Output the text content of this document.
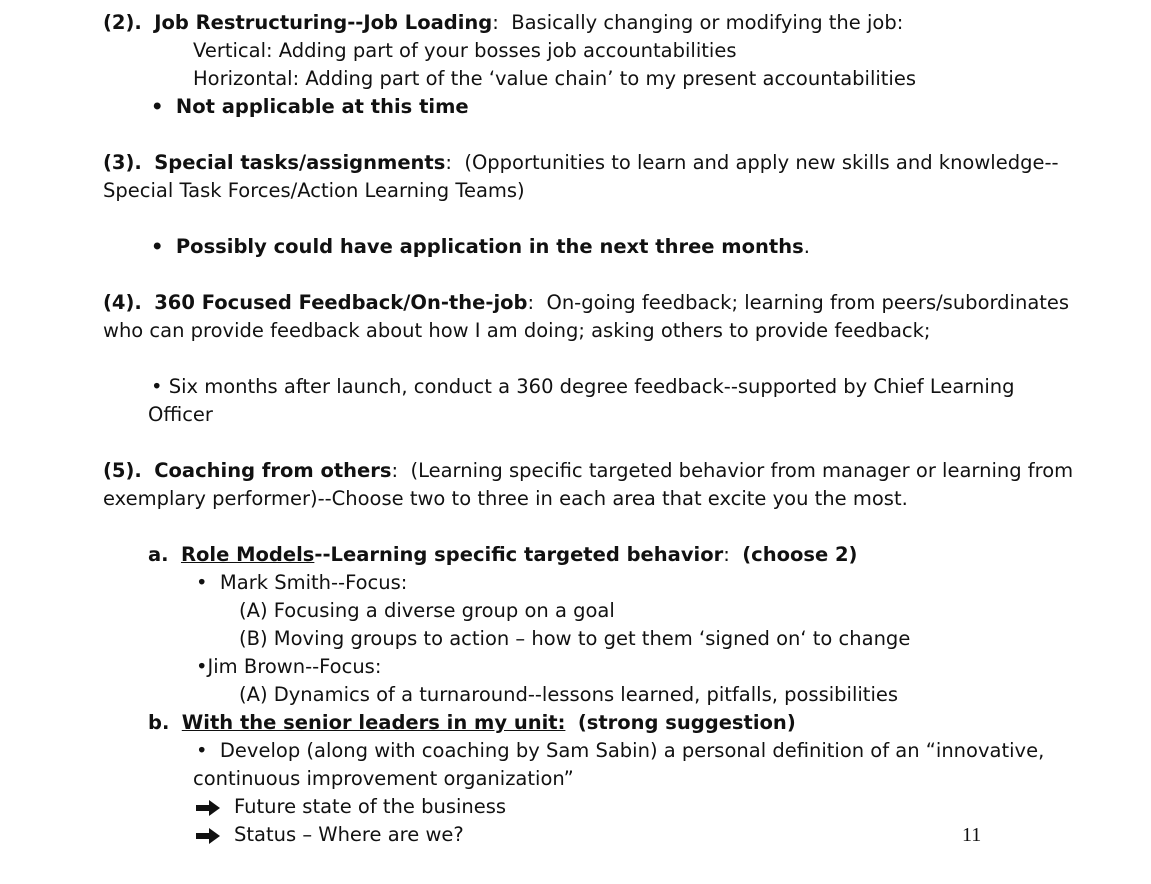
(2). Job Restructuring--Job Loading: Basically changing or modifying the job:
Vertical: Adding part of your bosses job accountabilities
Horizontal: Adding part of the ‘value chain’ to my present accountabilities
• Not applicable at this time
(3). Special tasks/assignments: (Opportunities to learn and apply new skills and knowledge--
Special Task Forces/Action Learning Teams)
• Possibly could have application in the next three months.
(4). 360 Focused Feedback/On-the-job: On-going feedback; learning from peers/subordinates
who can provide feedback about how I am doing; asking others to provide feedback;
• Six months after launch, conduct a 360 degree feedback--supported by Chief Learning
Officer
(5). Coaching from others: (Learning specific targeted behavior from manager or learning from
exemplary performer)--Choose two to three in each area that excite you the most.
a. Role Models--Learning specific targeted behavior: (choose 2)
• Mark Smith--Focus:
(A) Focusing a diverse group on a goal
(B) Moving groups to action – how to get them ‘signed on‘ to change
•Jim Brown--Focus:
(A) Dynamics of a turnaround--lessons learned, pitfalls, possibilities
b. With the senior leaders in my unit: (strong suggestion)
• Develop (along with coaching by Sam Sabin) a personal definition of an “innovative,
continuous improvement organization”
Future state of the business
Status – Where are we?	11
